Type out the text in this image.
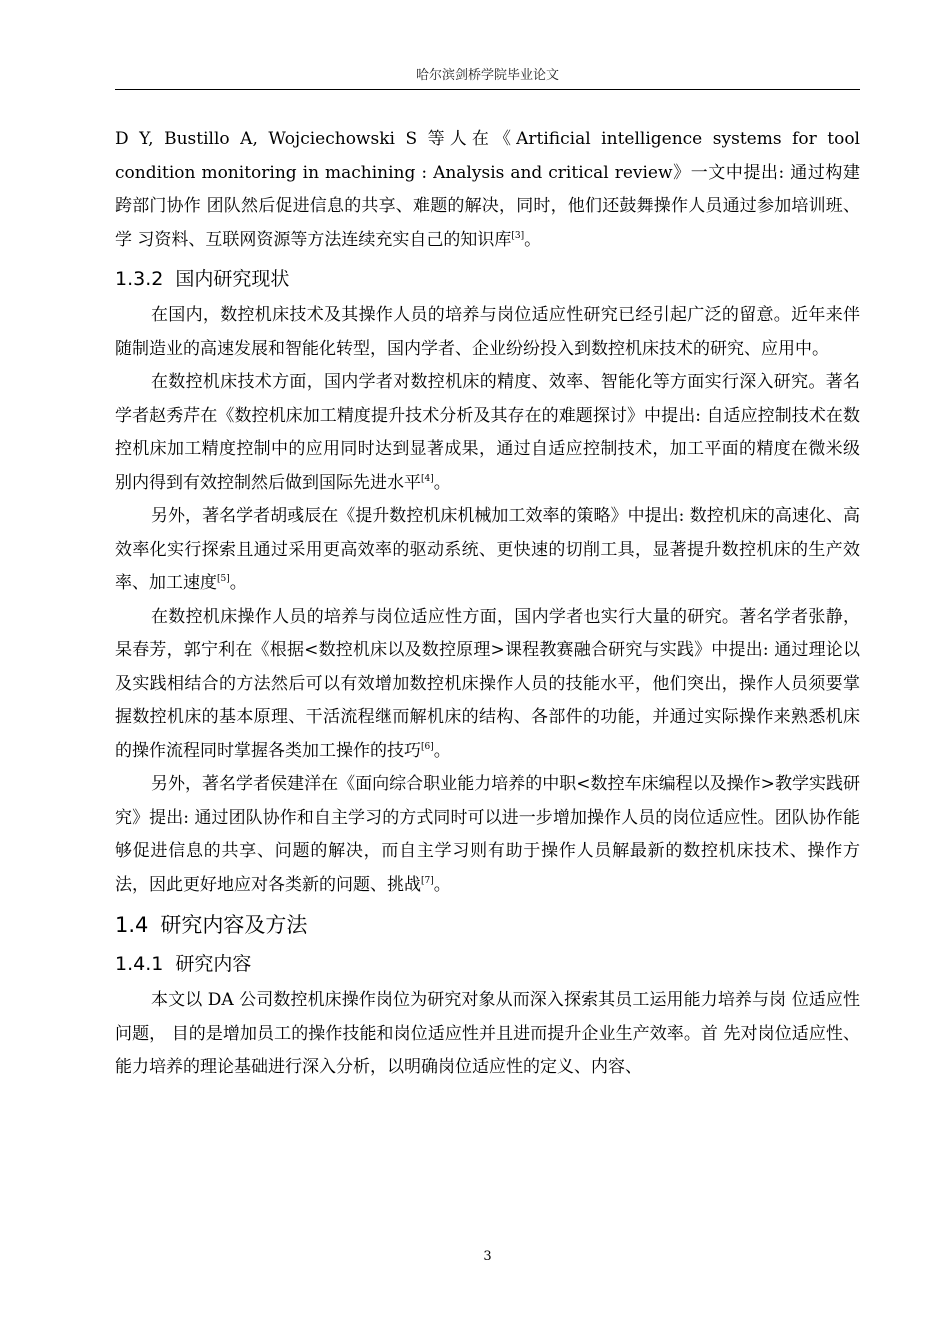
哈尔滨剑桥学院毕业论文

D Y, Bustillo A, Wojciechowski S 等人在《Artificial intelligence systems for tool condition monitoring in machining : Analysis and critical review》一文中提出: 通过构建跨部门协作 团队然后促进信息的共享、难题的解决，同时，他们还鼓舞操作人员通过参加培训班、学 习资料、互联网资源等方法连续充实自己的知识库[3]。

1.3.2 国内研究现状

在国内，数控机床技术及其操作人员的培养与岗位适应性研究已经引起广泛的留意。近年来伴随制造业的高速发展和智能化转型，国内学者、企业纷纷投入到数控机床技术的研究、应用中。

在数控机床技术方面，国内学者对数控机床的精度、效率、智能化等方面实行深入研究。著名学者赵秀芹在《数控机床加工精度提升技术分析及其存在的难题探讨》中提出: 自适应控制技术在数控机床加工精度控制中的应用同时达到显著成果，通过自适应控制技术，加工平面的精度在微米级别内得到有效控制然后做到国际先进水平[4]。

另外，著名学者胡彧辰在《提升数控机床机械加工效率的策略》中提出: 数控机床的高速化、高效率化实行探索且通过采用更高效率的驱动系统、更快速的切削工具，显著提升数控机床的生产效率、加工速度[5]。

在数控机床操作人员的培养与岗位适应性方面，国内学者也实行大量的研究。著名学者张静，杲春芳，郭宁利在《根据<数控机床以及数控原理>课程教赛融合研究与实践》中提出: 通过理论以及实践相结合的方法然后可以有效增加数控机床操作人员的技能水平，他们突出，操作人员须要掌握数控机床的基本原理、干活流程继而解机床的结构、各部件的功能，并通过实际操作来熟悉机床的操作流程同时掌握各类加工操作的技巧[6]。

另外，著名学者侯建洋在《面向综合职业能力培养的中职<数控车床编程以及操作>教学实践研究》提出: 通过团队协作和自主学习的方式同时可以进一步增加操作人员的岗位适应性。团队协作能够促进信息的共享、问题的解决，而自主学习则有助于操作人员解最新的数控机床技术、操作方法，因此更好地应对各类新的问题、挑战[7]。

1.4 研究内容及方法
1.4.1 研究内容

本文以 DA 公司数控机床操作岗位为研究对象从而深入探索其员工运用能力培养与岗 位适应性问题， 目的是增加员工的操作技能和岗位适应性并且进而提升企业生产效率。首 先对岗位适应性、能力培养的理论基础进行深入分析，以明确岗位适应性的定义、内容、

3
